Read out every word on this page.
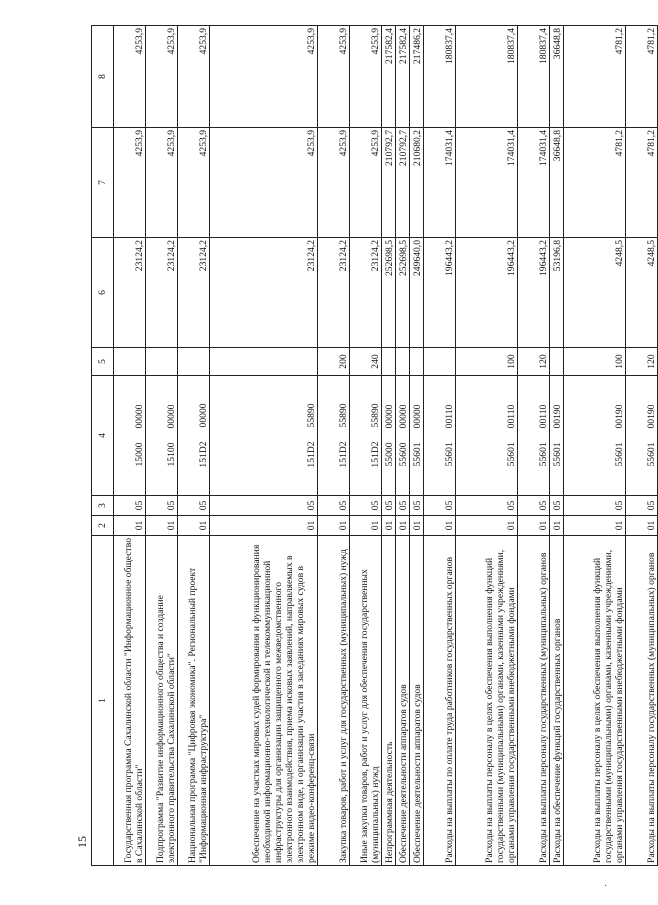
15
1	2	3	4	5	6	7	8
Государственная программа Сахалинской области "Информационное общество в Сахалинской области"	01	05	1500000000		23124,2	4253,9	4253,9
Подпрограмма "Развитие информационного общества и создание электронного правительства Сахалинской области"	01	05	1510000000		23124,2	4253,9	4253,9
Национальная программа "Цифровая экономика". Региональный проект "Информационная инфраструктура"	01	05	151D200000		23124,2	4253,9	4253,9
Обеспечение на участках мировых судей формирования и функционирования необходимой информационно-технологической и телекоммуникационной инфраструктуры для организации защищенного межведомственного электронного взаимодействия, приема исковых заявлений, направляемых в электронном виде, и организации участия в заседаниях мировых судов в режиме видео-конференц-связи	01	05	151D255890		23124,2	4253,9	4253,9
Закупка товаров, работ и услуг для государственных (муниципальных) нужд	01	05	151D255890	200	23124,2	4253,9	4253,9
Иные закупки товаров, работ и услуг для обеспечения государственных (муниципальных) нужд	01	05	151D255890	240	23124,2	4253,9	4253,9
Непрограммная деятельность	01	05	5500000000		252698,5	210792,7	217582,4
Обеспечение деятельности аппаратов судов	01	05	5560000000		252698,5	210792,7	217582,4
Обеспечение деятельности аппаратов судов	01	05	5560100000		249640,0	210680,2	217486,2
Расходы на выплаты по оплате труда работников государственных органов	01	05	5560100110		196443,2	174031,4	180837,4
Расходы на выплаты персоналу в целях обеспечения выполнения функций государственными (муниципальными) органами, казенными учреждениями, органами управления государственными внебюджетными фондами	01	05	5560100110	100	196443,2	174031,4	180837,4
Расходы на выплаты персоналу государственных (муниципальных) органов	01	05	5560100110	120	196443,2	174031,4	180837,4
Расходы на обеспечение функций государственных органов	01	05	5560100190		53196,8	36648,8	36648,8
Расходы на выплаты персоналу в целях обеспечения выполнения функций государственными (муниципальными) органами, казенными учреждениями, органами управления государственными внебюджетными фондами	01	05	5560100190	100	4248,5	4781,2	4781,2
Расходы на выплаты персоналу государственных (муниципальных) органов	01	05	5560100190	120	4248,5	4781,2	4781,2
·
